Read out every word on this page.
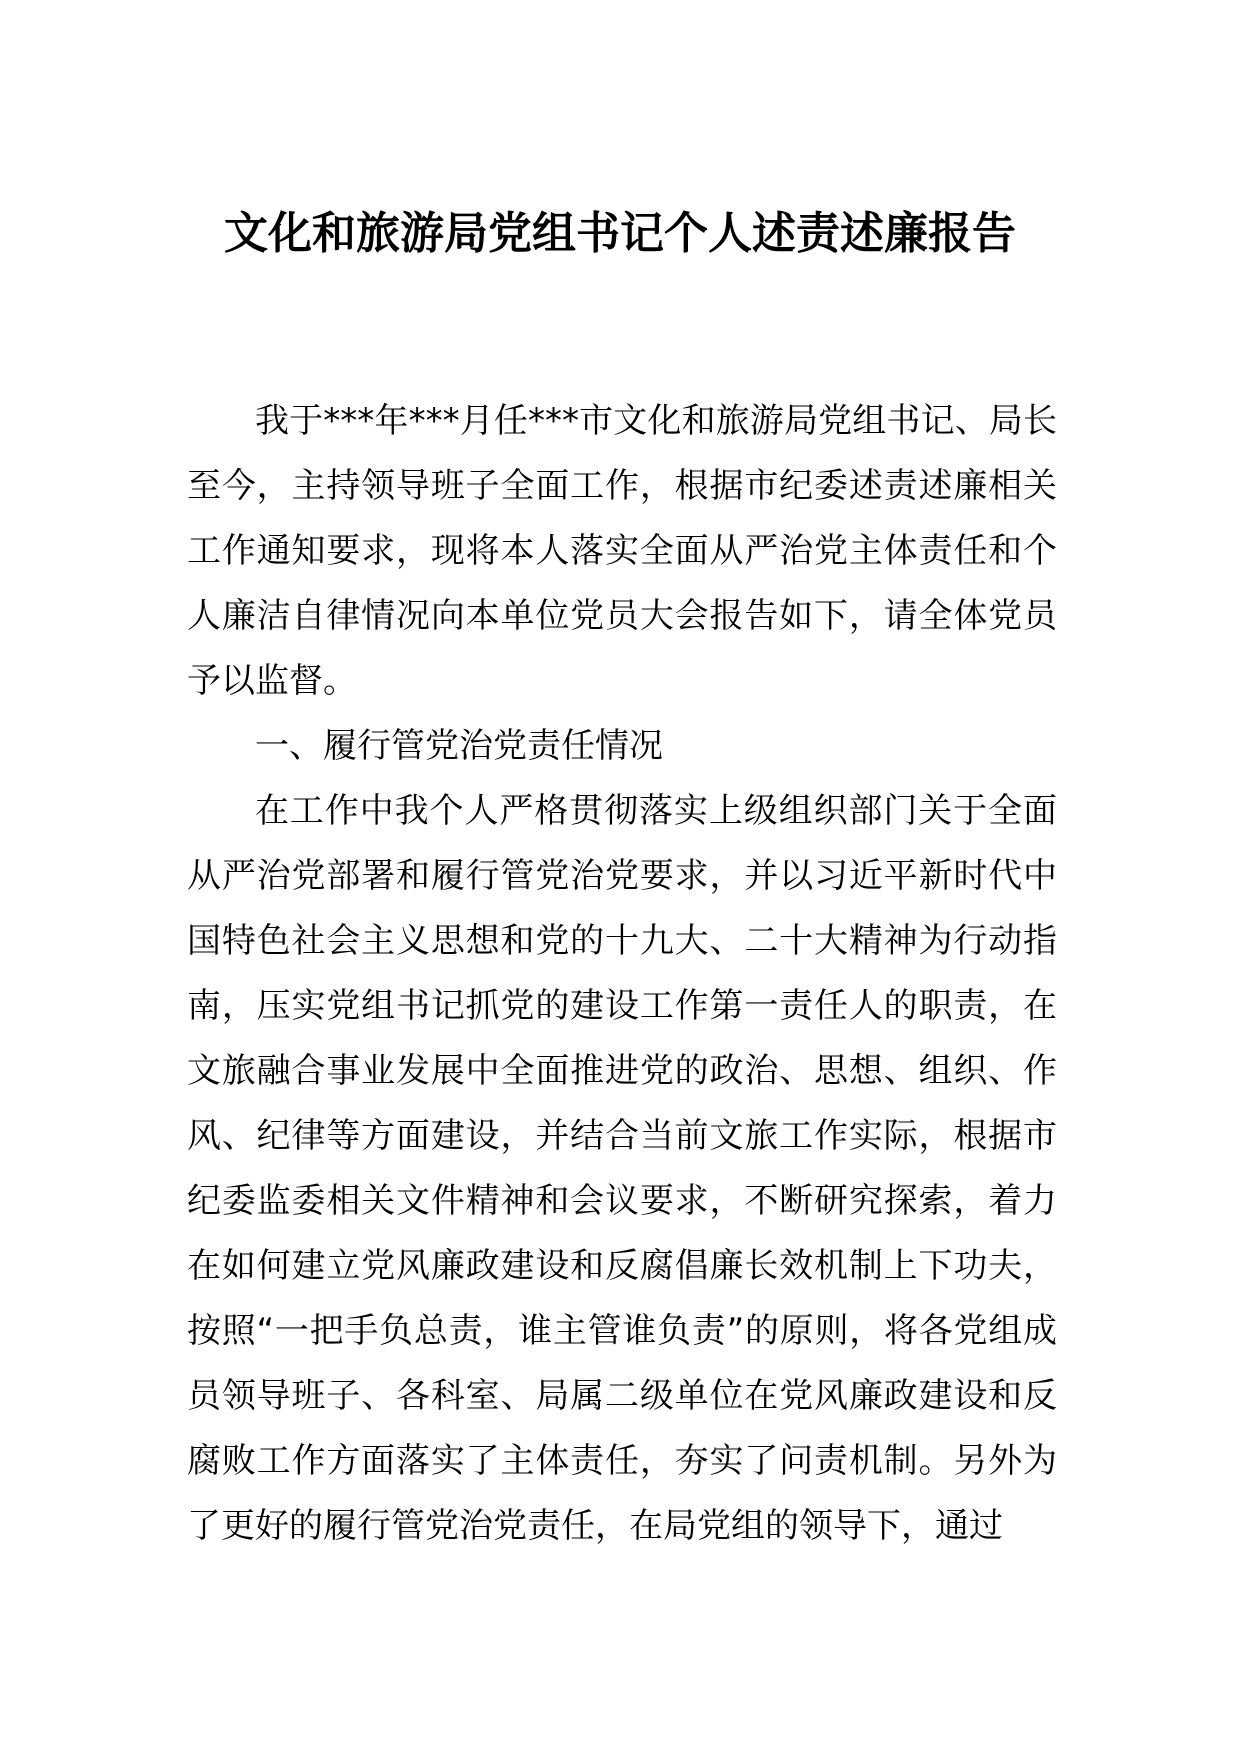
文化和旅游局党组书记个人述责述廉报告

我于***年***月任***市文化和旅游局党组书记、局长至今，主持领导班子全面工作，根据市纪委述责述廉相关工作通知要求，现将本人落实全面从严治党主体责任和个人廉洁自律情况向本单位党员大会报告如下，请全体党员予以监督。

一、履行管党治党责任情况

在工作中我个人严格贯彻落实上级组织部门关于全面从严治党部署和履行管党治党要求，并以习近平新时代中国特色社会主义思想和党的十九大、二十大精神为行动指南，压实党组书记抓党的建设工作第一责任人的职责，在文旅融合事业发展中全面推进党的政治、思想、组织、作风、纪律等方面建设，并结合当前文旅工作实际，根据市纪委监委相关文件精神和会议要求，不断研究探索，着力在如何建立党风廉政建设和反腐倡廉长效机制上下功夫，按照“一把手负总责，谁主管谁负责”的原则，将各党组成员领导班子、各科室、局属二级单位在党风廉政建设和反腐败工作方面落实了主体责任，夯实了问责机制。另外为了更好的履行管党治党责任，在局党组的领导下，通过
